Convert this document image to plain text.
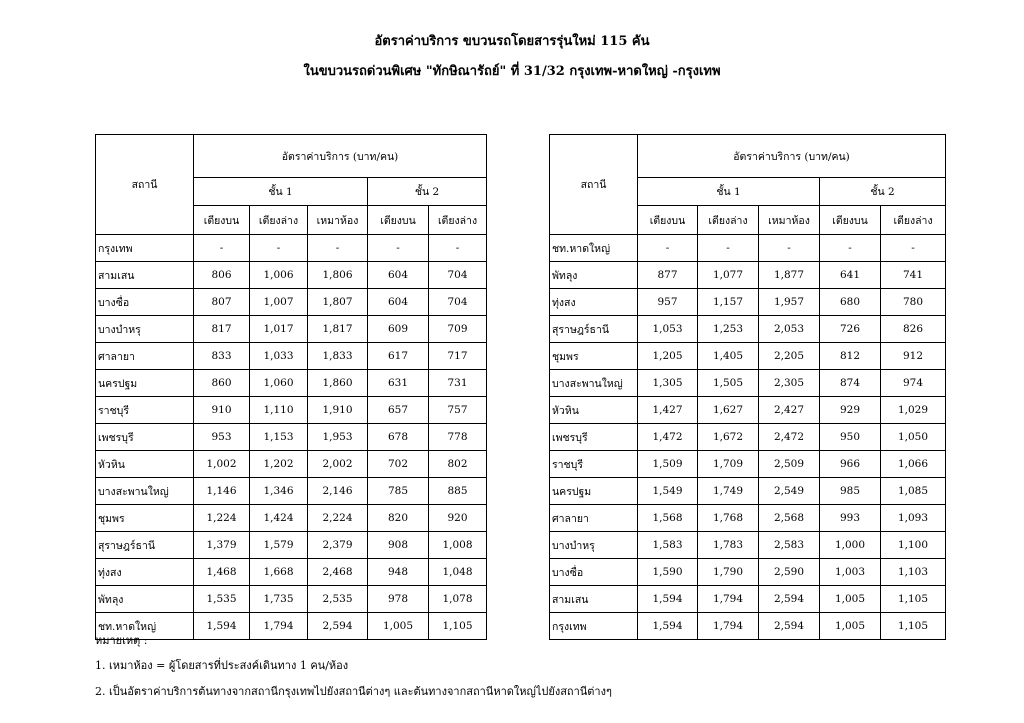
อัตราค่าบริการ ขบวนรถโดยสารรุ่นใหม่ 115 คัน
ในขบวนรถด่วนพิเศษ "ทักษิณารัถย์" ที่ 31/32 กรุงเทพ-หาดใหญ่ -กรุงเทพ
สถานี	อัตราค่าบริการ (บาท/คน)				
	ชั้น 1			ชั้น 2	
	เตียงบน	เตียงล่าง	เหมาห้อง	เตียงบน	เตียงล่าง
กรุงเทพ	-	-	-	-	-
สามเสน	806	1,006	1,806	604	704
บางซื่อ	807	1,007	1,807	604	704
บางบำหรุ	817	1,017	1,817	609	709
ศาลายา	833	1,033	1,833	617	717
นครปฐม	860	1,060	1,860	631	731
ราชบุรี	910	1,110	1,910	657	757
เพชรบุรี	953	1,153	1,953	678	778
หัวหิน	1,002	1,202	2,002	702	802
บางสะพานใหญ่	1,146	1,346	2,146	785	885
ชุมพร	1,224	1,424	2,224	820	920
สุราษฎร์ธานี	1,379	1,579	2,379	908	1,008
ทุ่งสง	1,468	1,668	2,468	948	1,048
พัทลุง	1,535	1,735	2,535	978	1,078
ชท.หาดใหญ่	1,594	1,794	2,594	1,005	1,105
สถานี	อัตราค่าบริการ (บาท/คน)				
	ชั้น 1			ชั้น 2	
	เตียงบน	เตียงล่าง	เหมาห้อง	เตียงบน	เตียงล่าง
ชท.หาดใหญ่	-	-	-	-	-
พัทลุง	877	1,077	1,877	641	741
ทุ่งสง	957	1,157	1,957	680	780
สุราษฎร์ธานี	1,053	1,253	2,053	726	826
ชุมพร	1,205	1,405	2,205	812	912
บางสะพานใหญ่	1,305	1,505	2,305	874	974
หัวหิน	1,427	1,627	2,427	929	1,029
เพชรบุรี	1,472	1,672	2,472	950	1,050
ราชบุรี	1,509	1,709	2,509	966	1,066
นครปฐม	1,549	1,749	2,549	985	1,085
ศาลายา	1,568	1,768	2,568	993	1,093
บางบำหรุ	1,583	1,783	2,583	1,000	1,100
บางซื่อ	1,590	1,790	2,590	1,003	1,103
สามเสน	1,594	1,794	2,594	1,005	1,105
กรุงเทพ	1,594	1,794	2,594	1,005	1,105
หมายเหตุ :
1. เหมาห้อง = ผู้โดยสารที่ประสงค์เดินทาง 1 คน/ห้อง
2. เป็นอัตราค่าบริการต้นทางจากสถานีกรุงเทพไปยังสถานีต่างๆ และต้นทางจากสถานีหาดใหญ่ไปยังสถานีต่างๆ
